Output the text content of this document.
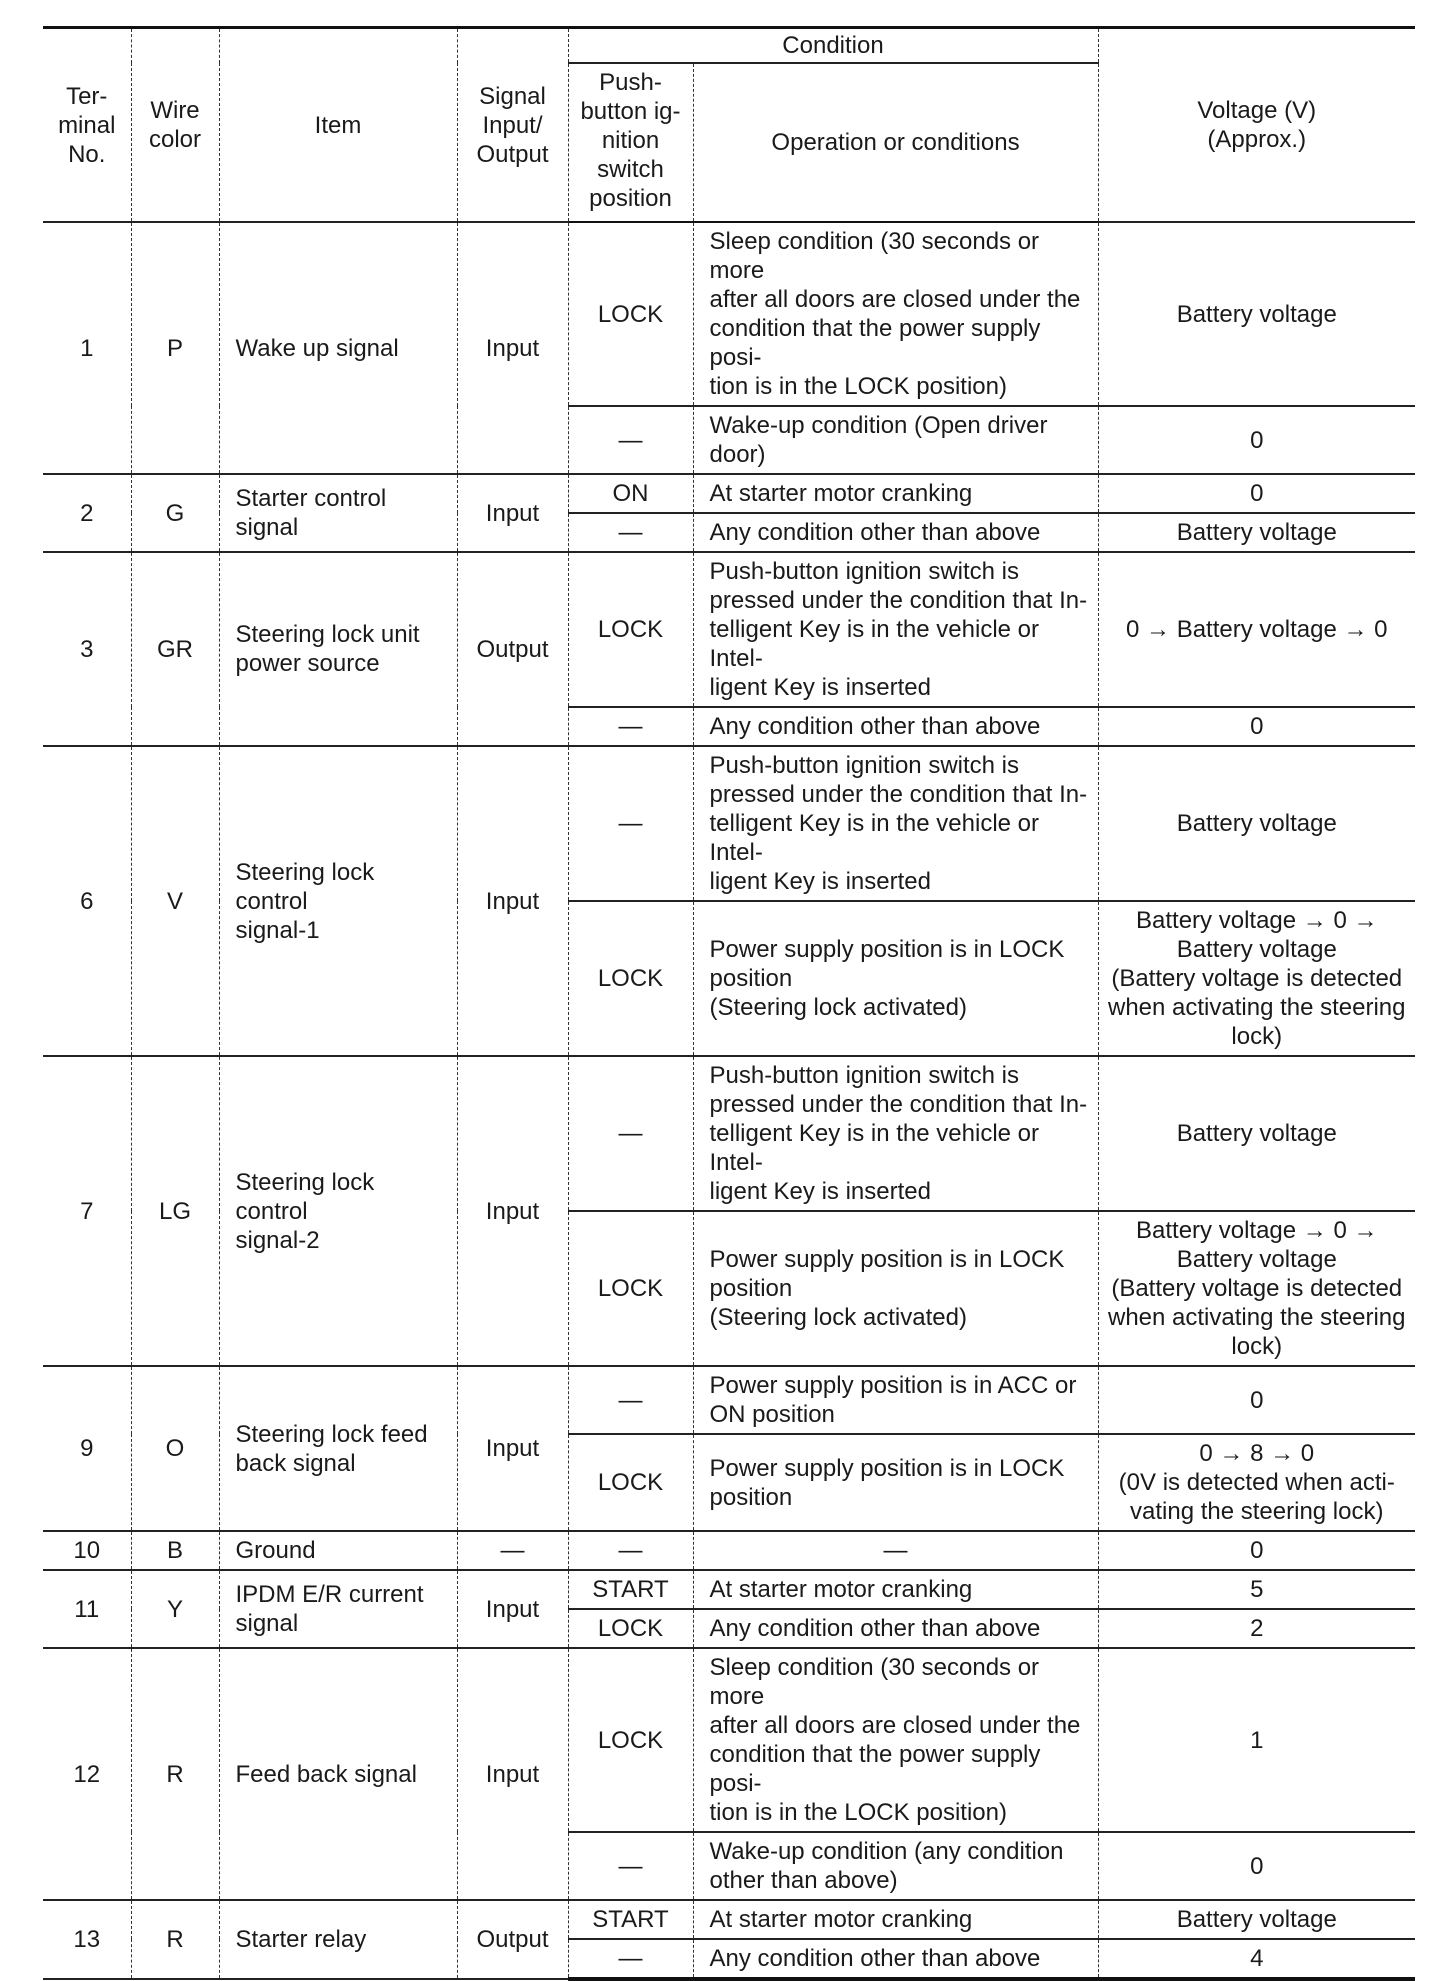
Ter-
minal
No.	Wire
color	Item	Signal
Input/
Output	Condition		Voltage (V)
(Approx.)
				Push-
button ig-
nition
switch
position	Operation or conditions	
1	P	Wake up signal	Input	LOCK	Sleep condition (30 seconds or more
after all doors are closed under the
condition that the power supply posi-
tion is in the LOCK position)	Battery voltage
				—	Wake-up condition (Open driver
door)	0
2	G	Starter control signal	Input	ON	At starter motor cranking	0
				—	Any condition other than above	Battery voltage
3	GR	Steering lock unit
power source	Output	LOCK	Push-button ignition switch is
pressed under the condition that In-
telligent Key is in the vehicle or Intel-
ligent Key is inserted	0 → Battery voltage → 0
				—	Any condition other than above	0
6	V	Steering lock control
signal-1	Input	—	Push-button ignition switch is
pressed under the condition that In-
telligent Key is in the vehicle or Intel-
ligent Key is inserted	Battery voltage
				LOCK	Power supply position is in LOCK
position
(Steering lock activated)	Battery voltage → 0 →
Battery voltage
(Battery voltage is detected
when activating the steering
lock)
7	LG	Steering lock control
signal-2	Input	—	Push-button ignition switch is
pressed under the condition that In-
telligent Key is in the vehicle or Intel-
ligent Key is inserted	Battery voltage
				LOCK	Power supply position is in LOCK
position
(Steering lock activated)	Battery voltage → 0 →
Battery voltage
(Battery voltage is detected
when activating the steering
lock)
9	O	Steering lock feed
back signal	Input	—	Power supply position is in ACC or
ON position	0
				LOCK	Power supply position is in LOCK
position	0 → 8 → 0
(0V is detected when acti-
vating the steering lock)
10	B	Ground	—	—	—	0
11	Y	IPDM E/R current
signal	Input	START	At starter motor cranking	5
				LOCK	Any condition other than above	2
12	R	Feed back signal	Input	LOCK	Sleep condition (30 seconds or more
after all doors are closed under the
condition that the power supply posi-
tion is in the LOCK position)	1
				—	Wake-up condition (any condition
other than above)	0
13	R	Starter relay	Output	START	At starter motor cranking	Battery voltage
				—	Any condition other than above	4
